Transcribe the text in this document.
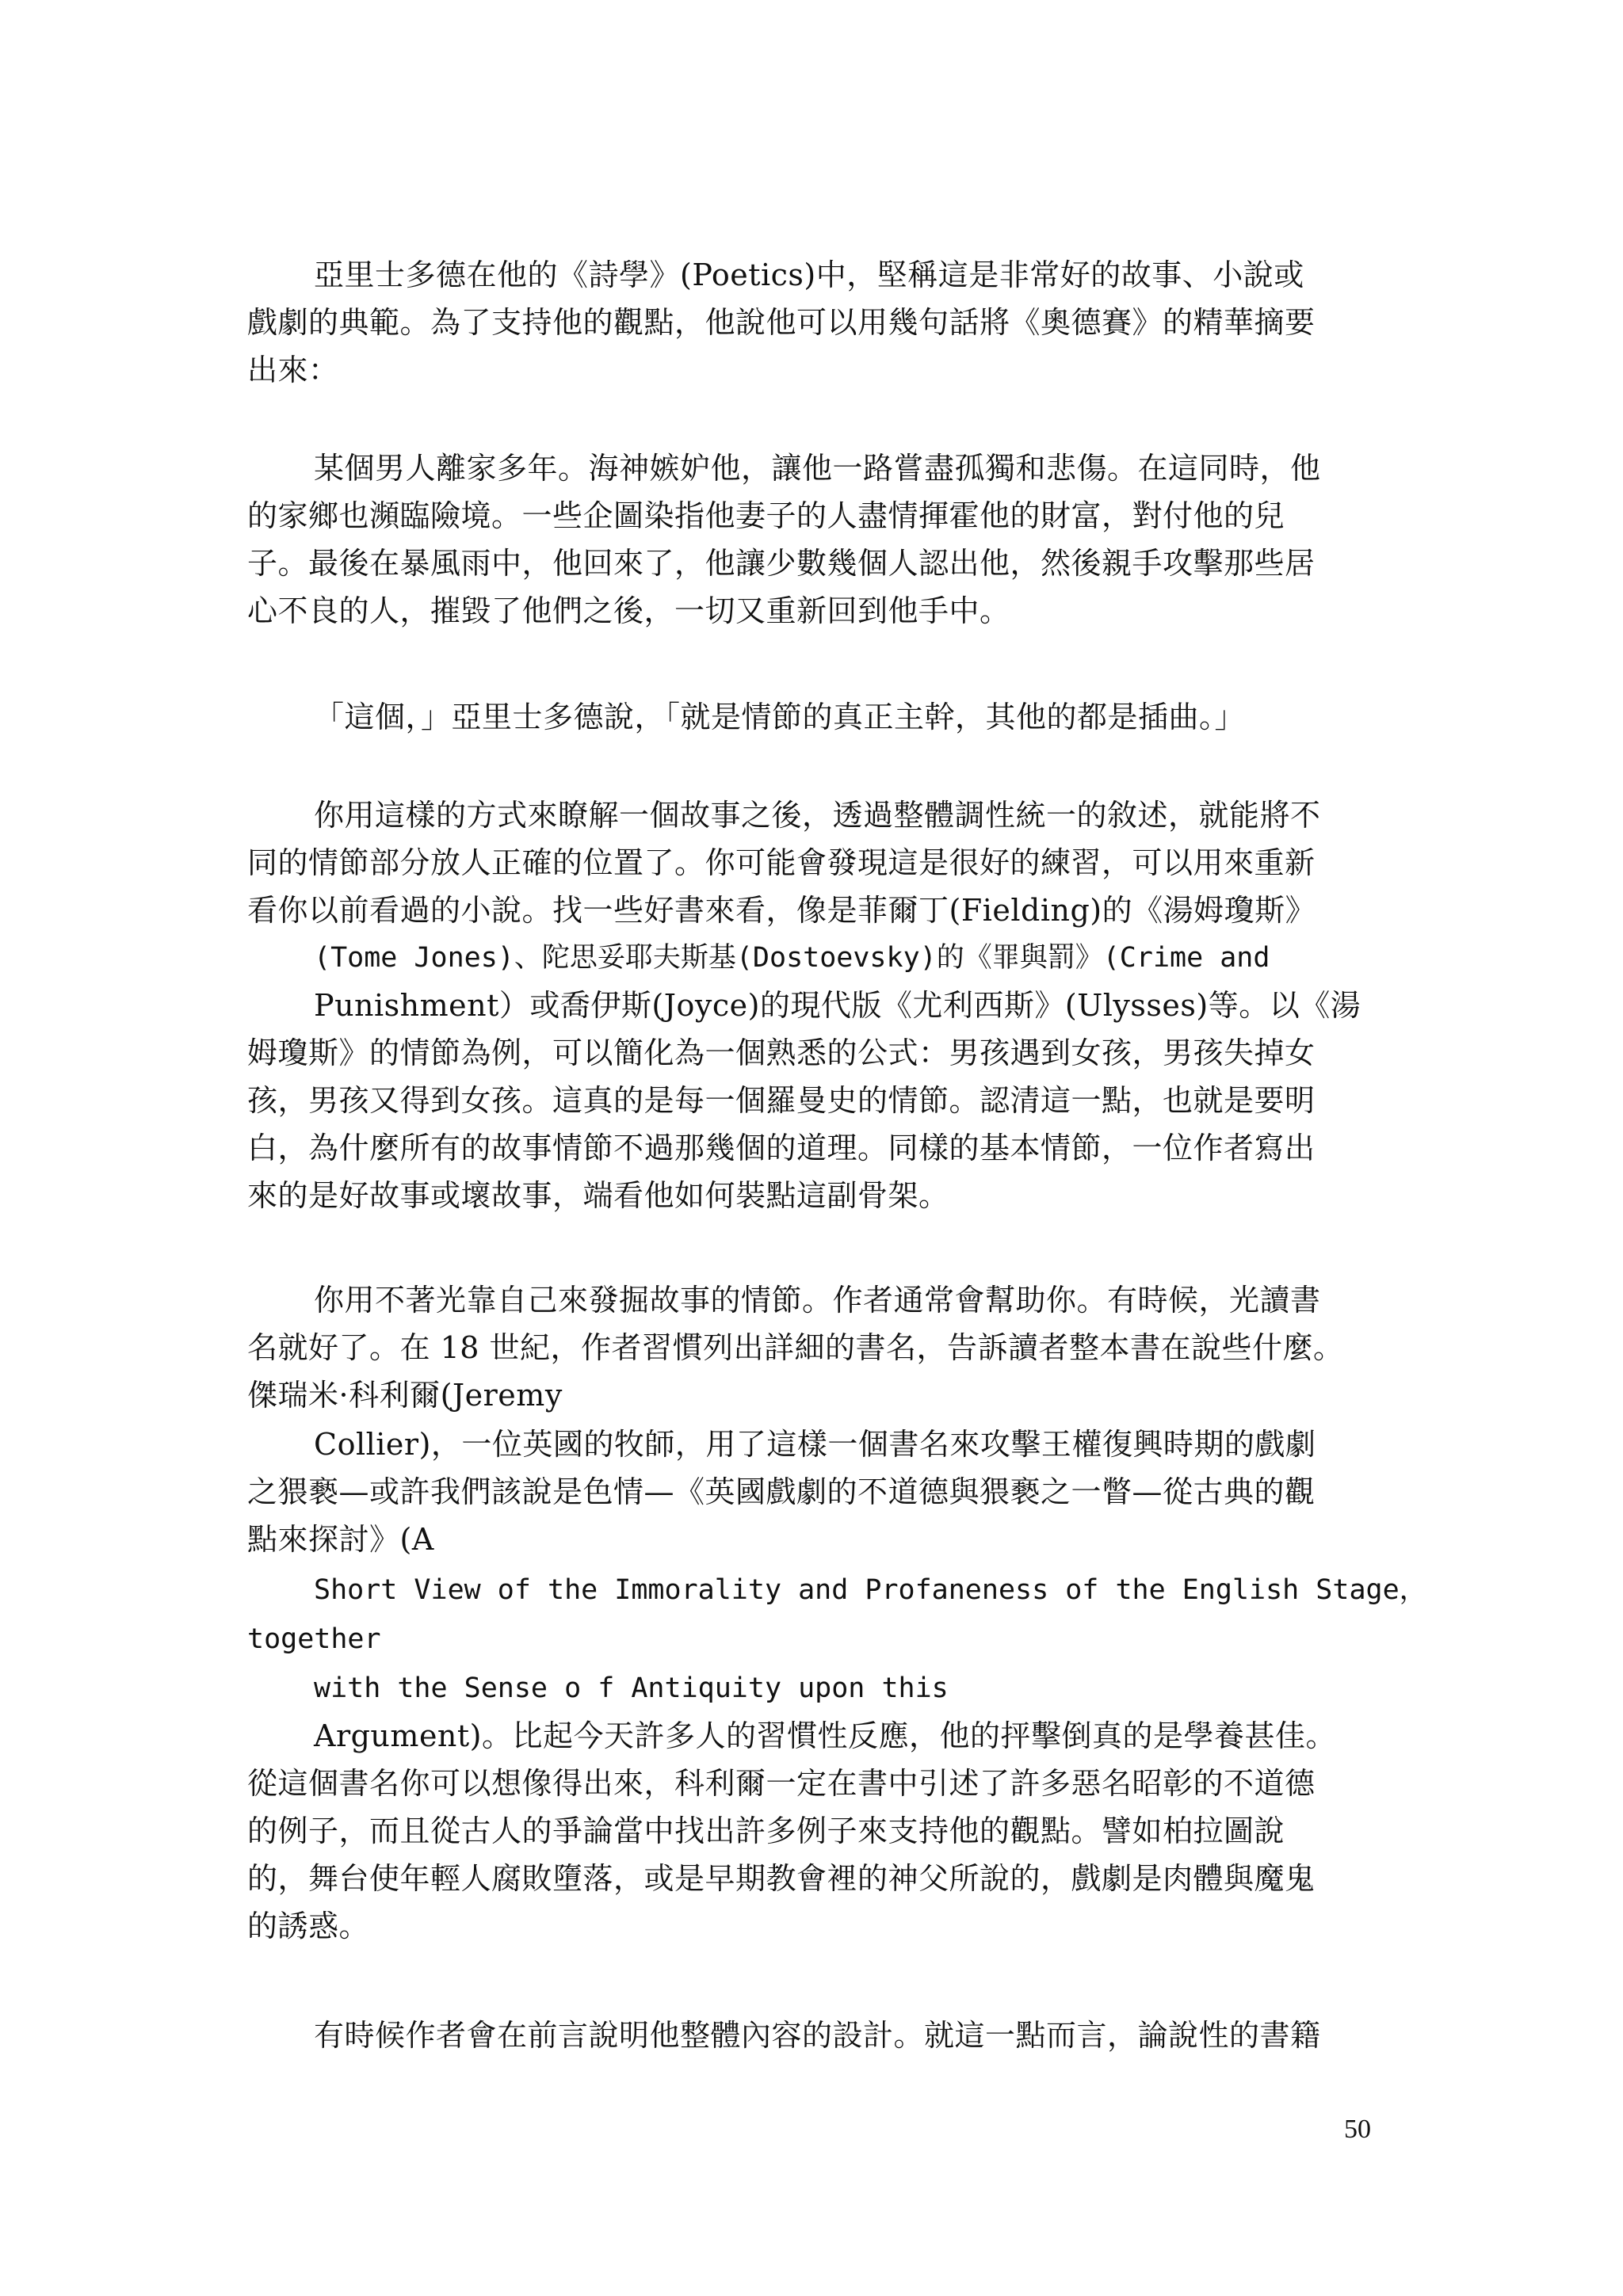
亞里士多德在他的《詩學》(Poetics)中，堅稱這是非常好的故事、小說或
戲劇的典範。為了支持他的觀點，他說他可以用幾句話將《奧德賽》的精華摘要
出來：
某個男人離家多年。海神嫉妒他，讓他一路嘗盡孤獨和悲傷。在這同時，他
的家鄉也瀕臨險境。一些企圖染指他妻子的人盡情揮霍他的財富，對付他的兒
子。最後在暴風雨中，他回來了，他讓少數幾個人認出他，然後親手攻擊那些居
心不良的人，摧毀了他們之後，一切又重新回到他手中。
「這個，」亞里士多德說，「就是情節的真正主幹，其他的都是插曲。」
你用這樣的方式來瞭解一個故事之後，透過整體調性統一的敘述，就能將不
同的情節部分放人正確的位置了。你可能會發現這是很好的練習，可以用來重新
看你以前看過的小說。找一些好書來看，像是菲爾丁(Fielding)的《湯姆瓊斯》
(Tome Jones)、陀思妥耶夫斯基(Dostoevsky)的《罪與罰》(Crime and
Punishment）或喬伊斯(Joyce)的現代版《尤利西斯》(Ulysses)等。以《湯
姆瓊斯》的情節為例，可以簡化為一個熟悉的公式：男孩遇到女孩，男孩失掉女
孩，男孩又得到女孩。這真的是每一個羅曼史的情節。認清這一點，也就是要明
白，為什麼所有的故事情節不過那幾個的道理。同樣的基本情節，一位作者寫出
來的是好故事或壞故事，端看他如何裝點這副骨架。
你用不著光靠自己來發掘故事的情節。作者通常會幫助你。有時候，光讀書
名就好了。在 18 世紀，作者習慣列出詳細的書名，告訴讀者整本書在說些什麼。
傑瑞米·科利爾(Jeremy
Collier)，一位英國的牧師，用了這樣一個書名來攻擊王權復興時期的戲劇
之猥褻—或許我們該說是色情—《英國戲劇的不道德與猥褻之一瞥—從古典的觀
點來探討》(A
Short View of the Immorality and Profaneness of the English Stage，
together
with the Sense o f Antiquity upon this
Argument)。比起今天許多人的習慣性反應，他的抨擊倒真的是學養甚佳。
從這個書名你可以想像得出來，科利爾一定在書中引述了許多惡名昭彰的不道德
的例子，而且從古人的爭論當中找出許多例子來支持他的觀點。譬如柏拉圖說
的，舞台使年輕人腐敗墮落，或是早期教會裡的神父所說的，戲劇是肉體與魔鬼
的誘惑。
有時候作者會在前言說明他整體內容的設計。就這一點而言，論說性的書籍
50
